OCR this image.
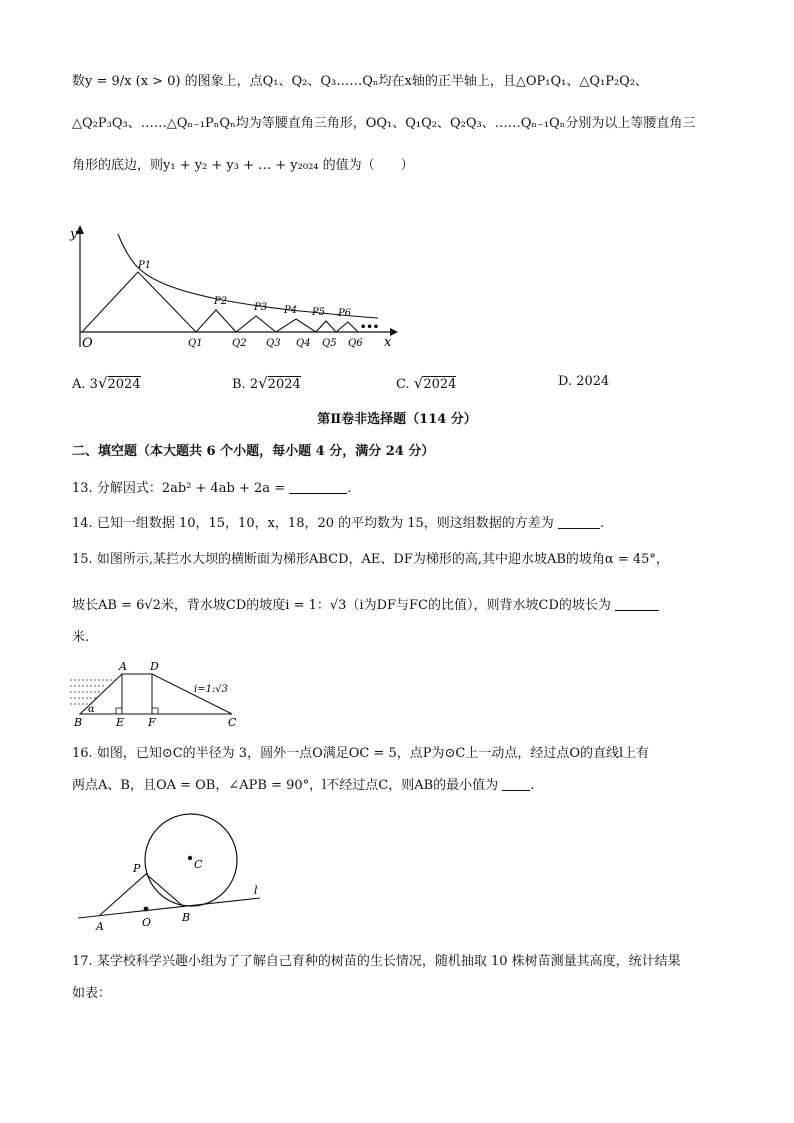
数y = 9/x (x > 0) 的图象上，点Q₁、Q₂、Q₃……Qₙ均在x轴的正半轴上，且△OP₁Q₁、△Q₁P₂Q₂、
△Q₂P₃Q₃、……△Qₙ₋₁PₙQₙ均为等腰直角三角形，OQ₁、Q₁Q₂、Q₂Q₃、……Qₙ₋₁Qₙ分别为以上等腰直角三
角形的底边，则y₁ + y₂ + y₃ + … + y₂₀₂₄ 的值为（　　）
y
x
O
•••
P1
P2
P3 P4 P5 P6
Q1	Q2 Q3 Q4 Q5 Q6
A. 3√2024	B. 2√2024	C. √2024	D. 2024
第Ⅱ卷非选择题（114 分）
二、填空题（本大题共 6 个小题，每小题 4 分，满分 24 分）
13. 分解因式：2ab² + 4ab + 2a =	.
14. 已知一组数据 10，15，10，x，18，20 的平均数为 15，则这组数据的方差为	.
15. 如图所示,某拦水大坝的横断面为梯形ABCD，AE、DF为梯形的高,其中迎水坡AB的坡角α = 45°，
坡长AB = 6√2米，背水坡CD的坡度i = 1：√3（i为DF与FC的比值），则背水坡CD的坡长为
米.
A D
B	E F	C
α
i=1:√3
16. 如图，已知⊙C的半径为 3，圆外一点O满足OC = 5，点P为⊙C上一动点，经过点O的直线l上有
两点A、B，且OA = OB，∠APB = 90°，l不经过点C，则AB的最小值为 .
P	C
A	O	B
l
17. 某学校科学兴趣小组为了了解自己育种的树苗的生长情况，随机抽取 10 株树苗测量其高度，统计结果
如表：
